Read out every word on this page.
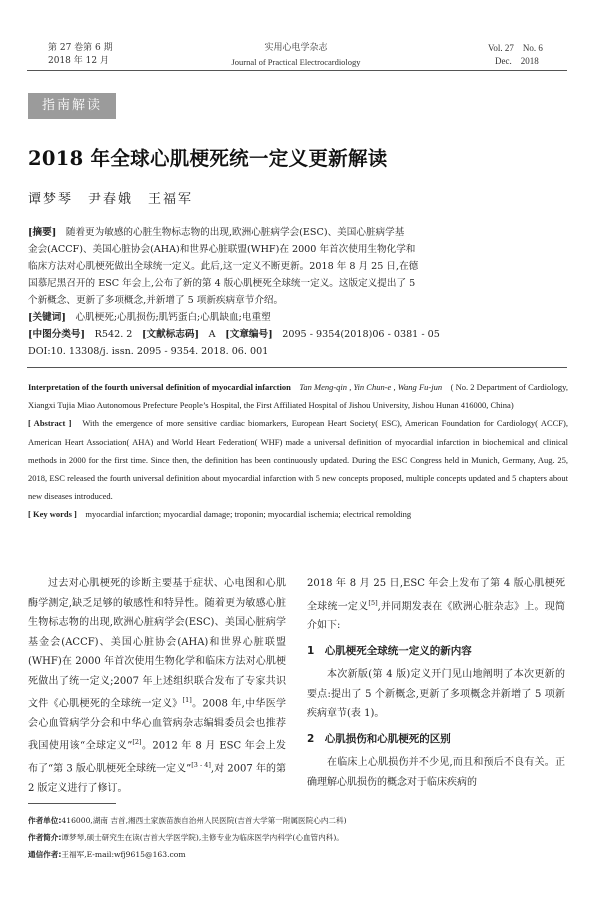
第 27 卷第 6 期
2018 年 12 月
实用心电学杂志
Journal of Practical Electrocardiology
Vol. 27　No. 6
Dec.　2018
指南解读
2018 年全球心肌梗死统一定义更新解读
谭梦琴　尹春娥　王福军

[摘要]　 随着更为敏感的心脏生物标志物的出现,欧洲心脏病学会(ESC)、美国心脏病学基

金会(ACCF)、美国心脏协会(AHA)和世界心脏联盟(WHF)在 2000 年首次使用生物化学和

临床方法对心肌梗死做出全球统一定义。此后,这一定义不断更新。2018 年 8 月 25 日,在德

国慕尼黑召开的 ESC 年会上,公布了新的第 4 版心肌梗死全球统一定义。这版定义提出了 5

个新概念、更新了多项概念,并新增了 5 项新疾病章节介绍。

[关键词]　 心肌梗死;心肌损伤;肌钙蛋白;心肌缺血;电重塑

[中图分类号]　 R542. 2　 [文献标志码]　 A　 [文章编号]　 2095 - 9354(2018)06 - 0381 - 05

DOI:10. 13308/j. issn. 2095 - 9354. 2018. 06. 001

Interpretation of the fourth universal definition of myocardial infarction　 Tan Meng-qin , Yin Chun-e , Wang Fu-jun　 ( No. 2 Department of Cardiology, Xiangxi Tujia Miao Autonomous Prefecture People’s Hospital, the First Affiliated Hospital of Jishou University, Jishou Hunan 416000, China)

[ Abstract ]　 With the emergence of more sensitive cardiac biomarkers, European Heart Society( ESC), American Foundation for Cardiology( ACCF), American Heart Association( AHA) and World Heart Federation( WHF) made a universal definition of myocardial infarction in biochemical and clinical methods in 2000 for the first time. Since then, the definition has been continuously updated. During the ESC Congress held in Munich, Germany, Aug. 25, 2018, ESC released the fourth universal definition about myocardial infarction with 5 new concepts proposed, multiple concepts updated and 5 chapters about new diseases introduced.

[ Key words ]　 myocardial infarction; myocardial damage; troponin; myocardial ischemia; electrical remolding

过去对心肌梗死的诊断主要基于症状、心电图和心肌酶学测定,缺乏足够的敏感性和特异性。随着更为敏感心脏生物标志物的出现,欧洲心脏病学会(ESC)、美国心脏病学基金会(ACCF)、美国心脏协会(AHA)和世界心脏联盟(WHF)在 2000 年首次使用生物化学和临床方法对心肌梗死做出了统一定义;2007 年上述组织联合发布了专家共识文件《心肌梗死的全球统一定义》[1]。2008 年,中华医学会心血管病学分会和中华心血管病杂志编辑委员会也推荐我国使用该“全球定义”[2]。2012 年 8 月 ESC 年会上发布了“第 3 版心肌梗死全球统一定义”[3 - 4],对 2007 年的第 2 版定义进行了修订。

2018 年 8 月 25 日,ESC 年会上发布了第 4 版心肌梗死全球统一定义[5],并同期发表在《欧洲心脏杂志》上。现简介如下:

1　心肌梗死全球统一定义的新内容

本次新版(第 4 版)定义开门见山地阐明了本次更新的要点:提出了 5 个新概念,更新了多项概念并新增了 5 项新疾病章节(表 1)。

2　心肌损伤和心肌梗死的区别

在临床上心肌损伤并不少见,而且和预后不良有关。正确理解心肌损伤的概念对于临床疾病的

作者单位:416000,湖南 吉首,湘西土家族苗族自治州人民医院(吉首大学第一附属医院心内二科)

作者简介:谭梦琴,硕士研究生在读(吉首大学医学院),主修专业为临床医学内科学(心血管内科)。

通信作者:王福军,E-mail:wfj9615@163.com
